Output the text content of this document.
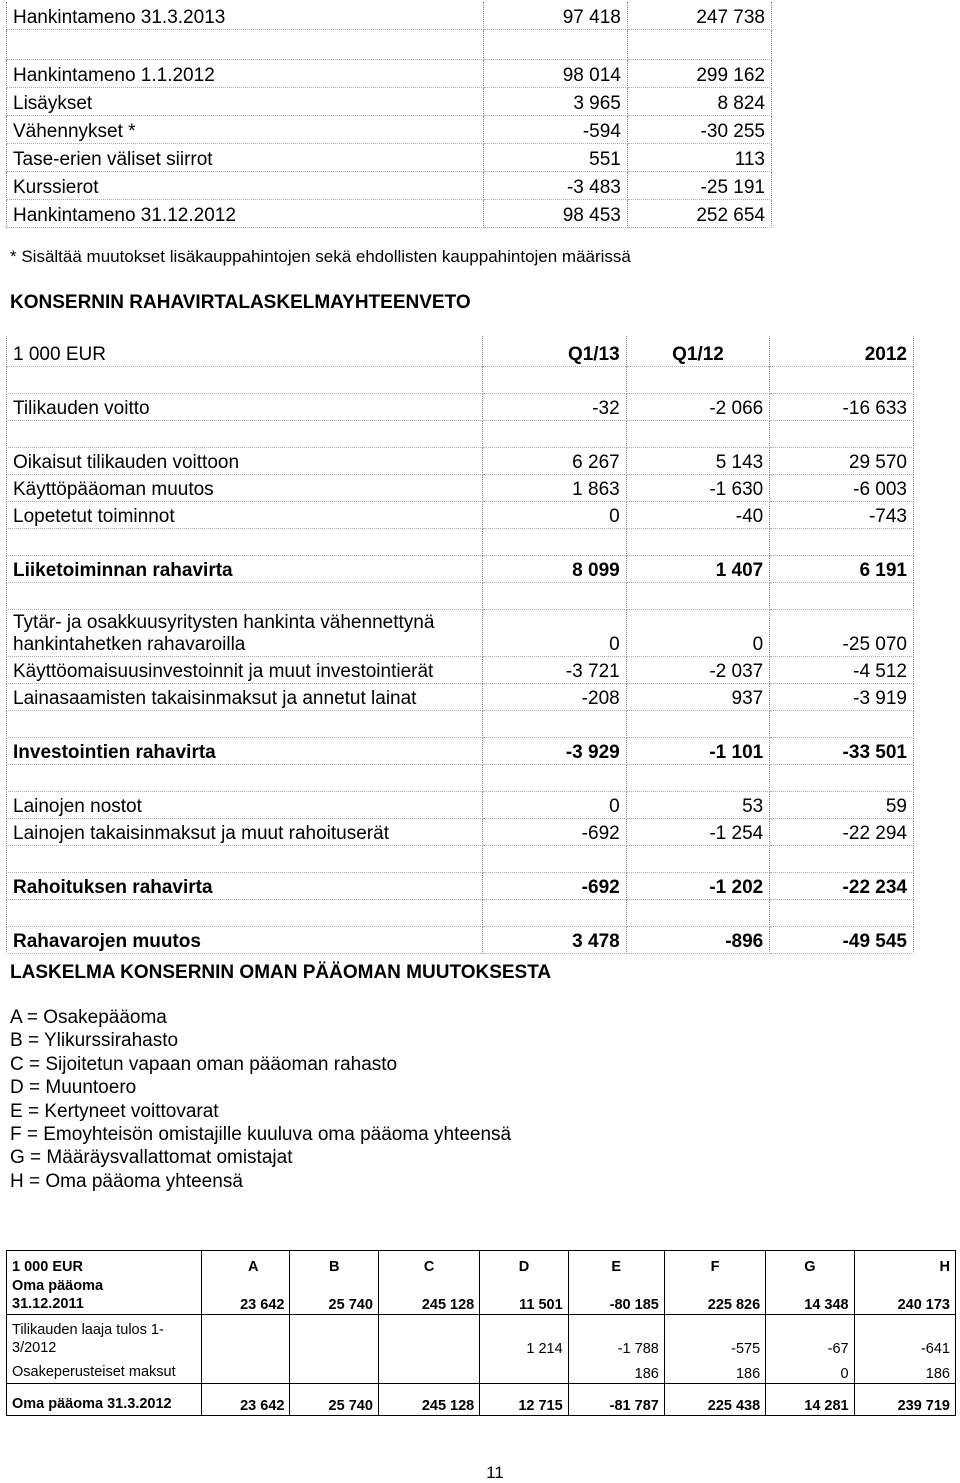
Hankintameno 31.3.2013	97 418	247 738

Hankintameno 1.1.2012	98 014	299 162
Lisäykset	3 965	8 824
Vähennykset *	-594	-30 255
Tase-erien väliset siirrot	551	113
Kurssierot	-3 483	-25 191
Hankintameno 31.12.2012	98 453	252 654
* Sisältää muutokset lisäkauppahintojen sekä ehdollisten kauppahintojen määrissä
KONSERNIN RAHAVIRTALASKELMAYHTEENVETO
1 000 EUR	Q1/13	Q1/12	2012

Tilikauden voitto	-32	-2 066	-16 633

Oikaisut tilikauden voittoon	6 267	5 143	29 570
Käyttöpääoman muutos	1 863	-1 630	-6 003
Lopetetut toiminnot	0	-40	-743

Liiketoiminnan rahavirta	8 099	1 407	6 191

Tytär- ja osakkuusyritysten hankinta vähennettynä hankintahetken rahavaroilla	0	0	-25 070
Käyttöomaisuusinvestoinnit ja muut investointierät	-3 721	-2 037	-4 512
Lainasaamisten takaisinmaksut ja annetut lainat	-208	937	-3 919

Investointien rahavirta	-3 929	-1 101	-33 501

Lainojen nostot	0	53	59
Lainojen takaisinmaksut ja muut rahoituserät	-692	-1 254	-22 294

Rahoituksen rahavirta	-692	-1 202	-22 234

Rahavarojen muutos	3 478	-896	-49 545
LASKELMA KONSERNIN OMAN PÄÄOMAN MUUTOKSESTA
A = Osakepääoma
B = Ylikurssirahasto
C = Sijoitetun vapaan oman pääoman rahasto
D = Muuntoero
E = Kertyneet voittovarat
F = Emoyhteisön omistajille kuuluva oma pääoma yhteensä
G = Määräysvallattomat omistajat
H = Oma pääoma yhteensä
1 000 EUR	A	B	C	D	E	F	G	H

Oma pääoma
31.12.2011	23 642	25 740	245 128	11 501	-80 185	225 826	14 348	240 173

Tilikauden laaja tulos 1-
3/2012				1 214	-1 788	-575	-67	-641
Osakeperusteiset maksut					186	186	0	186
Oma pääoma 31.3.2012	23 642	25 740	245 128	12 715	-81 787	225 438	14 281	239 719
11
